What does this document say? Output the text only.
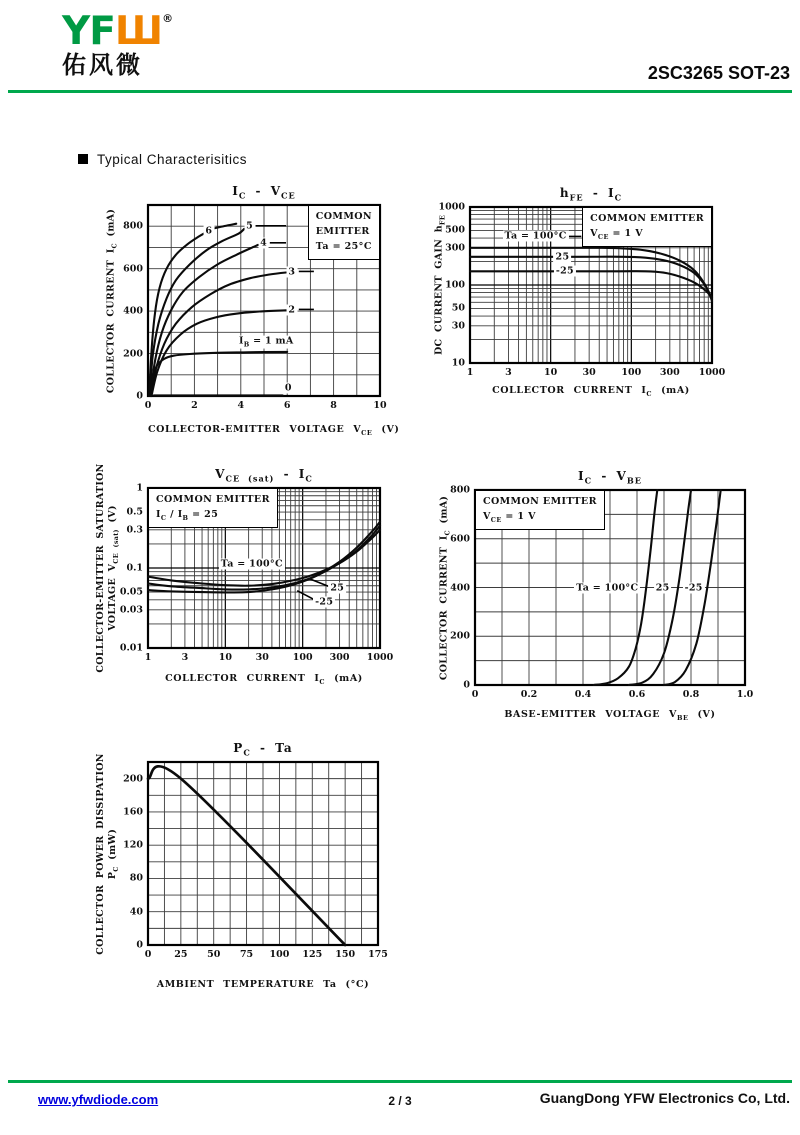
YFШ®
佑风微	2SC3265 SOT-23
Typical Characterisitics
$I_C - V_{CE}$
0	2	4	6	8	10
0
200
400
600
800
COLLECTOR-EMITTER VOLTAGE $V_{CE}$ (V)
COLLECTOR CURRENT $I_C$ (mA)	COMMON
EMITTER
Ta = 25°C
6	5
4
3
2
$I_B = 1$ mA
0
$h_{FE} - I_C$
1	3	10	30	100 300 1000
1000
500
300
100
50
30
10
COLLECTOR CURRENT $I_C$ (mA)
DC CURRENT GAIN $h_{FE}$	COMMON EMITTER
$V_{CE} = 1$ V
Ta = 100°C
25
-25
$V_{CE (sat)} - I_C$
1	3	10 30	100 300 1000
1
0.5
0.3
0.1
0.05
0.03
0.01
COLLECTOR CURRENT $I_C$ (mA)
COLLECTOR-EMITTER SATURATION
VOLTAGE $V_{CE (sat)}$ (V)
COMMON EMITTER
$I_C / I_B = 25$
Ta = 100°C
25
-25
$I_C - V_{BE}$
0	0.2	0.4	0.6	0.8	1.0
0
200
400
600
800
BASE-EMITTER VOLTAGE $V_{BE}$ (V)
COLLECTOR CURRENT $I_C$ (mA)	COMMON EMITTER
$V_{CE} = 1$ V
Ta = 100°C 25 -25
$P_C$ - Ta
0 25 50 75 100 125 150 175
0
40
80
120
160
200
AMBIENT TEMPERATURE Ta (°C)
COLLECTOR POWER DISSIPATION
$P_C$ (mW)
www.yfwdiode.com	2 / 3	GuangDong YFW Electronics Co, Ltd.
